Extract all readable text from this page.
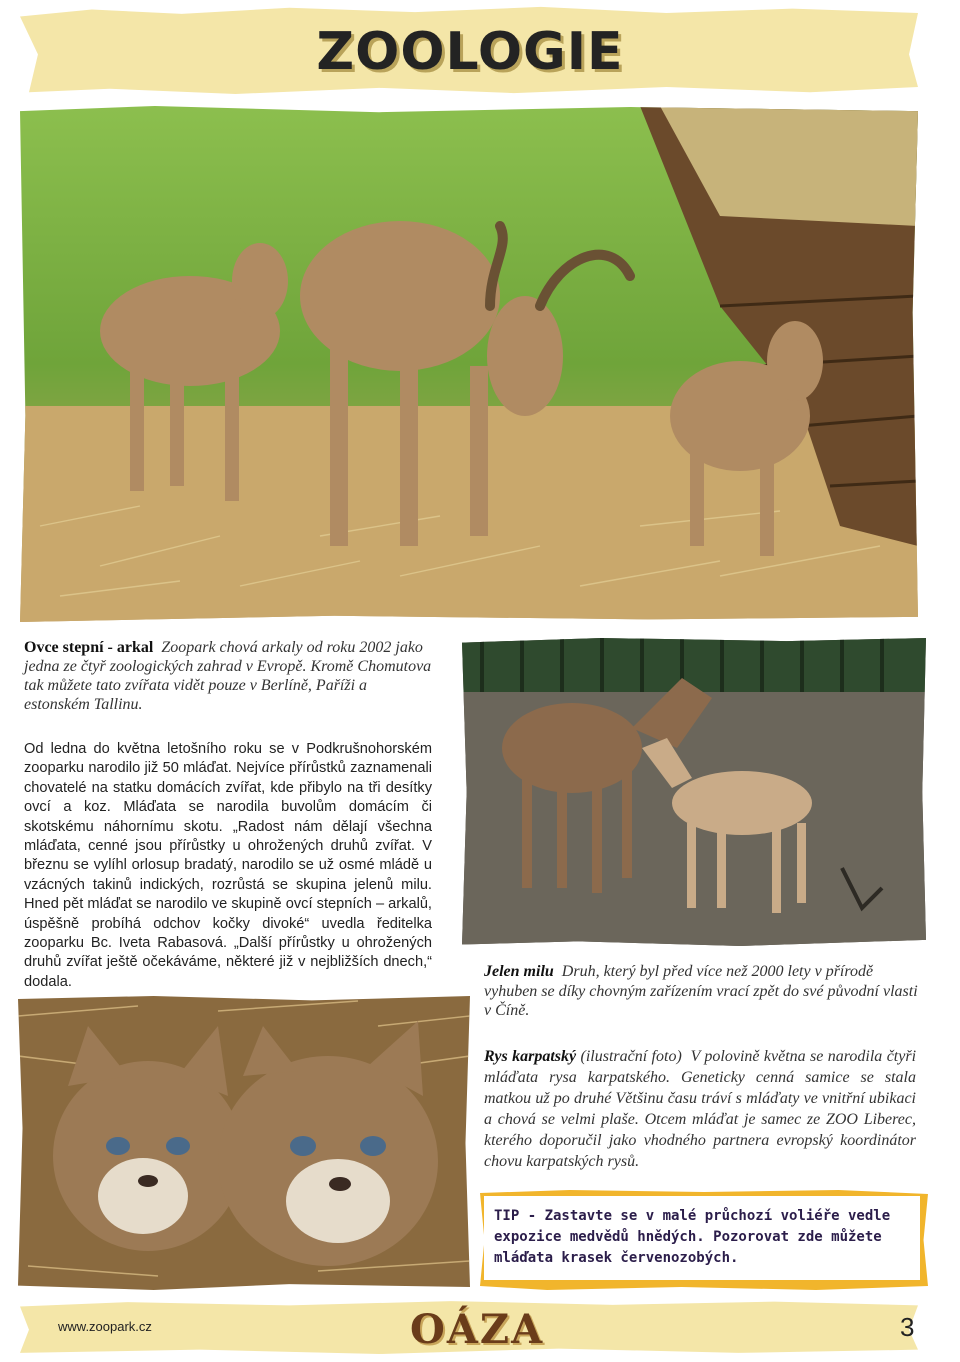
ZOOLOGIE
Ovce stepní - arkal Zoopark chová arkaly od roku 2002 jako jedna ze čtyř zoologických zahrad v Evropě. Kromě Chomutova tak můžete tato zvířata vidět pouze v Berlíně, Paříži a estonském Tallinu.
Od ledna do května letošního roku se v Podkrušnohorském zooparku narodilo již 50 mláďat. Nejvíce přírůstků zaznamenali chovatelé na statku domácích zvířat, kde přibylo na tři desítky ovcí a koz. Mláďata se narodila buvolům domácím či skotskému náhornímu skotu. „Radost nám dělají všechna mláďata, cenné jsou přírůstky u ohrožených druhů zvířat. V březnu se vylíhl orlosup bradatý, narodilo se už osmé mládě u vzácných takinů indických, rozrůstá se skupina jelenů milu. Hned pět mláďat se narodilo ve skupině ovcí stepních – arkalů, úspěšně probíhá odchov kočky divoké“ uvedla ředitelka zooparku Bc. Iveta Rabasová. „Další přírůstky u ohrožených druhů zvířat ještě očekáváme, některé již v nejbližších dnech,“ dodala.
Jelen milu Druh, který byl před více než 2000 lety v přírodě vyhuben se díky chovným zařízením vrací zpět do své původní vlasti v Číně.
Rys karpatský (ilustrační foto) V polovině května se narodila čtyři mláďata rysa karpatského. Geneticky cenná samice se stala matkou už po druhé Většinu času tráví s mláďaty ve vnitřní ubikaci a chová se velmi plaše. Otcem mláďat je samec ze ZOO Liberec, kterého doporučil jako vhodného partnera evropský koordinátor chovu karpatských rysů.
TIP - Zastavte se v malé průchozí voliéře vedle expozice medvědů hnědých. Pozorovat zde můžete mláďata krasek červenozobých.
www.zoopark.cz	OÁZA	3
